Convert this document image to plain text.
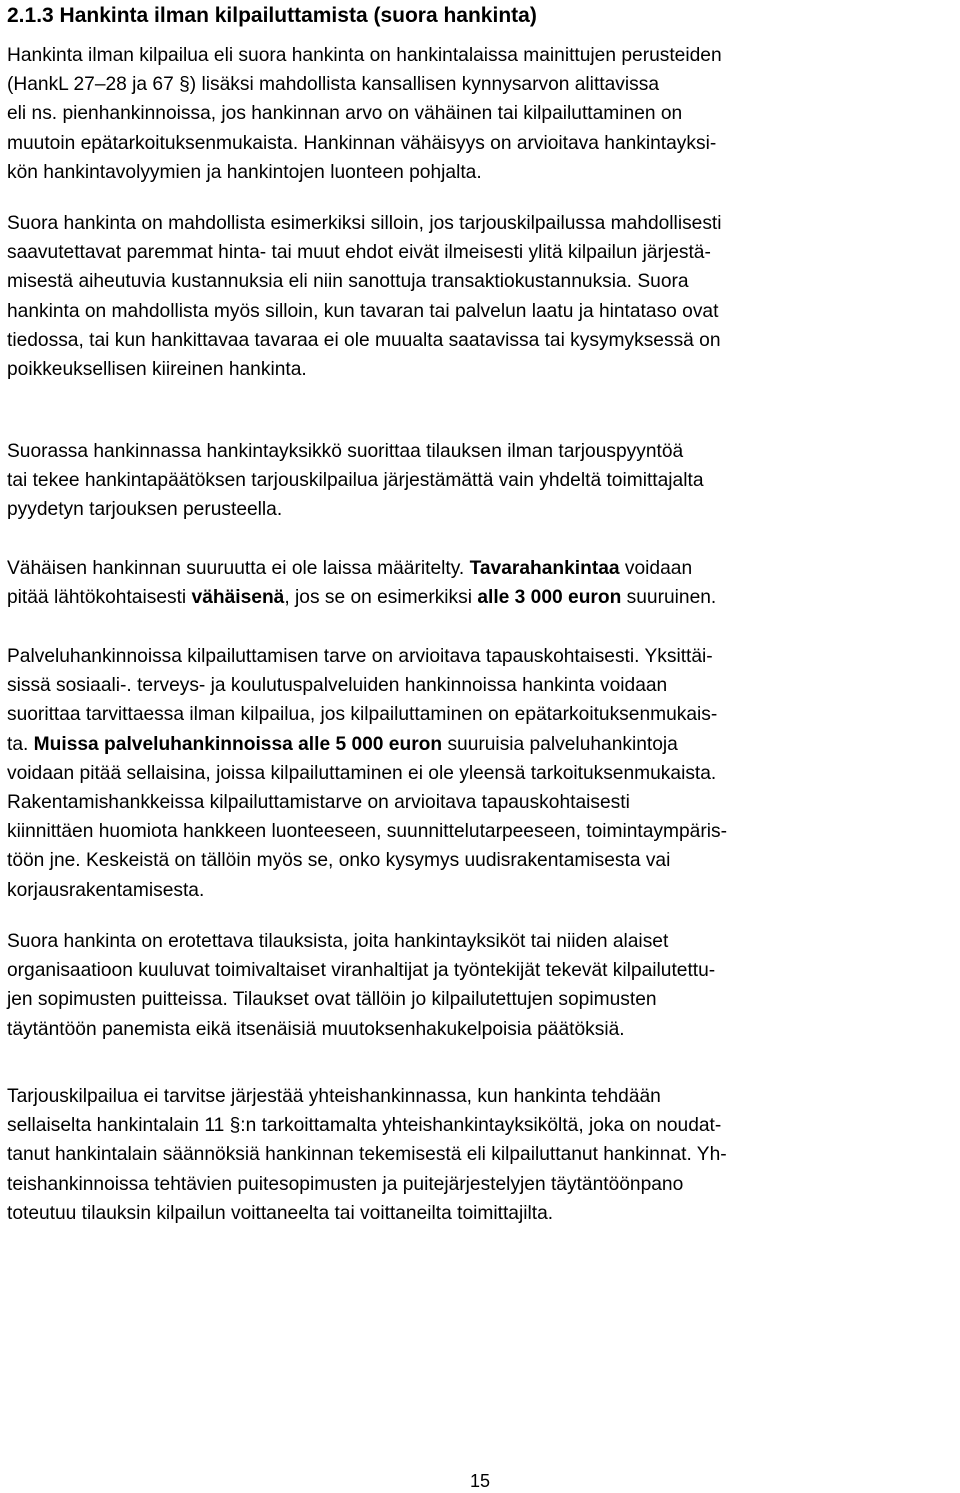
2.1.3 Hankinta ilman kilpailuttamista (suora hankinta)

Hankinta ilman kilpailua eli suora hankinta on hankintalaissa mainittujen perusteiden
(HankL 27–28 ja 67 §) lisäksi mahdollista kansallisen kynnysarvon alittavissa
eli ns. pienhankinnoissa, jos hankinnan arvo on vähäinen tai kilpailuttaminen on
muutoin epätarkoituksenmukaista. Hankinnan vähäisyys on arvioitava hankintayksi-
kön hankintavolyymien ja hankintojen luonteen pohjalta.

Suora hankinta on mahdollista esimerkiksi silloin, jos tarjouskilpailussa mahdollisesti
saavutettavat paremmat hinta- tai muut ehdot eivät ilmeisesti ylitä kilpailun järjestä-
misestä aiheutuvia kustannuksia eli niin sanottuja transaktiokustannuksia. Suora
hankinta on mahdollista myös silloin, kun tavaran tai palvelun laatu ja hintataso ovat
tiedossa, tai kun hankittavaa tavaraa ei ole muualta saatavissa tai kysymyksessä on
poikkeuksellisen kiireinen hankinta.

Suorassa hankinnassa hankintayksikkö suorittaa tilauksen ilman tarjouspyyntöä
tai tekee hankintapäätöksen tarjouskilpailua järjestämättä vain yhdeltä toimittajalta
pyydetyn tarjouksen perusteella.

Vähäisen hankinnan suuruutta ei ole laissa määritelty. Tavarahankintaa voidaan
pitää lähtökohtaisesti vähäisenä, jos se on esimerkiksi alle 3 000 euron suuruinen.

Palveluhankinnoissa kilpailuttamisen tarve on arvioitava tapauskohtaisesti. Yksittäi-
sissä sosiaali-. terveys- ja koulutuspalveluiden hankinnoissa hankinta voidaan
suorittaa tarvittaessa ilman kilpailua, jos kilpailuttaminen on epätarkoituksenmukais-
ta. Muissa palveluhankinnoissa alle 5 000 euron suuruisia palveluhankintoja
voidaan pitää sellaisina, joissa kilpailuttaminen ei ole yleensä tarkoituksenmukaista.
Rakentamishankkeissa kilpailuttamistarve on arvioitava tapauskohtaisesti
kiinnittäen huomiota hankkeen luonteeseen, suunnittelutarpeeseen, toimintaympäris-
töön jne. Keskeistä on tällöin myös se, onko kysymys uudisrakentamisesta vai
korjausrakentamisesta.

Suora hankinta on erotettava tilauksista, joita hankintayksiköt tai niiden alaiset
organisaatioon kuuluvat toimivaltaiset viranhaltijat ja työntekijät tekevät kilpailutettu-
jen sopimusten puitteissa. Tilaukset ovat tällöin jo kilpailutettujen sopimusten
täytäntöön panemista eikä itsenäisiä muutoksenhakukelpoisia päätöksiä.

Tarjouskilpailua ei tarvitse järjestää yhteishankinnassa, kun hankinta tehdään
sellaiselta hankintalain 11 §:n tarkoittamalta yhteishankintayksiköltä, joka on noudat-
tanut hankintalain säännöksiä hankinnan tekemisestä eli kilpailuttanut hankinnat. Yh-
teishankinnoissa tehtävien puitesopimusten ja puitejärjestelyjen täytäntöönpano
toteutuu tilauksin kilpailun voittaneelta tai voittaneilta toimittajilta.

15
